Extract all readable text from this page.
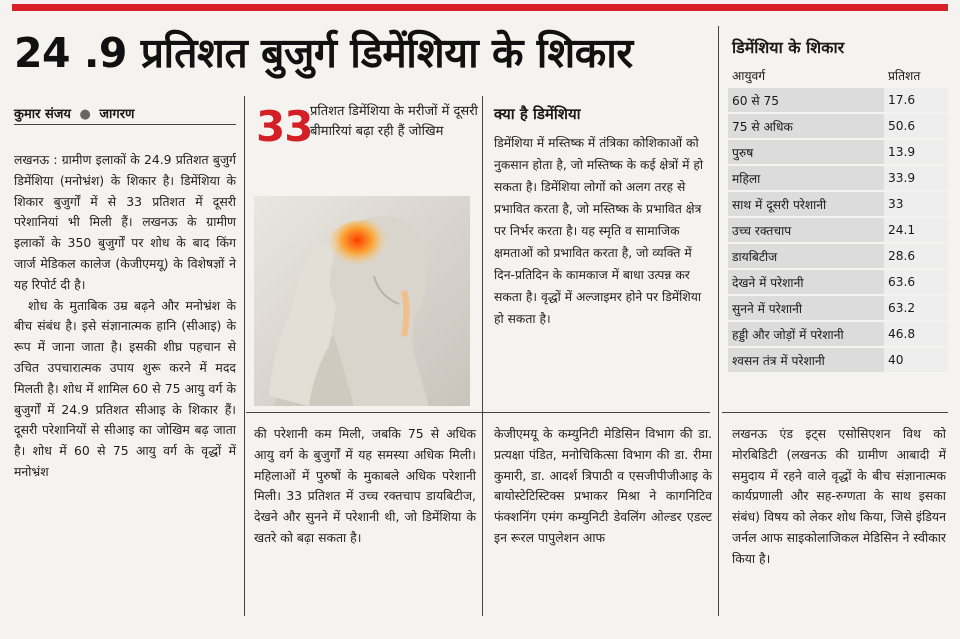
24 .9 प्रतिशत बुजुर्ग डिमेंशिया के शिकार
कुमार संजय ● जागरण
लखनऊ : ग्रामीण इलाकों के 24.9 प्रतिशत बुजुर्ग डिमेंशिया (मनोभ्रंश) के शिकार है। डिमेंशिया के शिकार बुजुर्गों में से 33 प्रतिशत में दूसरी परेशानियां भी मिली हैं। लखनऊ के ग्रामीण इलाकों के 350 बुजुर्गों पर शोध के बाद किंग जार्ज मेडिकल कालेज (केजीएमयू) के विशेषज्ञों ने यह रिपोर्ट दी है।
शोध के मुताबिक उम्र बढ़ने और मनोभ्रंश के बीच संबंध है। इसे संज्ञानात्मक हानि (सीआइ) के रूप में जाना जाता है। इसकी शीघ्र पहचान से उचित उपचारात्मक उपाय शुरू करने में मदद मिलती है। शोध में शामिल 60 से 75 आयु वर्ग के बुजुर्गों में 24.9 प्रतिशत सीआइ के शिकार हैं। दूसरी परेशानियों से सीआइ का जोखिम बढ़ जाता है। शोध में 60 से 75 आयु वर्ग के वृद्धों में मनोभ्रंश
33
प्रतिशत डिमेंशिया के मरीजों में दूसरी बीमारियां बढ़ा रही हैं जोखिम
क्या है डिमेंशिया
डिमेंशिया में मस्तिष्क में तंत्रिका कोशिकाओं को नुकसान होता है, जो मस्तिष्क के कई क्षेत्रों में हो सकता है। डिमेंशिया लोगों को अलग तरह से प्रभावित करता है, जो मस्तिष्क के प्रभावित क्षेत्र पर निर्भर करता है। यह स्मृति व सामाजिक क्षमताओं को प्रभावित करता है, जो व्यक्ति में दिन-प्रतिदिन के कामकाज में बाधा उत्पन्न कर सकता है। वृद्धों में अल्जाइमर होने पर डिमेंशिया हो सकता है।
की परेशानी कम मिली, जबकि 75 से अधिक आयु वर्ग के बुजुर्गों में यह समस्या अधिक मिली। महिलाओं में पुरुषों के मुकाबले अधिक परेशानी मिली। 33 प्रतिशत में उच्च रक्तचाप डायबिटीज, देखने और सुनने में परेशानी थी, जो डिमेंशिया के खतरे को बढ़ा सकता है।
केजीएमयू के कम्युनिटी मेडिसिन विभाग की डा. प्रत्यक्षा पंडित, मनोचिकित्सा विभाग की डा. रीमा कुमारी, डा. आदर्श त्रिपाठी व एसजीपीजीआइ के बायोस्टेटिस्टिक्स प्रभाकर मिश्रा ने कागनिटिव फंक्शनिंग एमंग कम्युनिटी डेवलिंग ओल्डर एडल्ट इन रूरल पापुलेशन आफ
डिमेंशिया के शिकार
आयुवर्ग	प्रतिशत
60 से 75	17.6
75 से अधिक	50.6
पुरुष	13.9
महिला	33.9
साथ में दूसरी परेशानी	33
उच्च रक्तचाप	24.1
डायबिटीज	28.6
देखने में परेशानी	63.6
सुनने में परेशानी	63.2
हड्डी और जोड़ों में परेशानी	46.8
श्वसन तंत्र में परेशानी	40
लखनऊ एंड इट्स एसोसिएशन विथ को मोरबिडिटी (लखनऊ की ग्रामीण आबादी में समुदाय में रहने वाले वृद्धों के बीच संज्ञानात्मक कार्यप्रणाली और सह-रुग्णता के साथ इसका संबंध) विषय को लेकर शोध किया, जिसे इंडियन जर्नल आफ साइकोलाजिकल मेडिसिन ने स्वीकार किया है।
